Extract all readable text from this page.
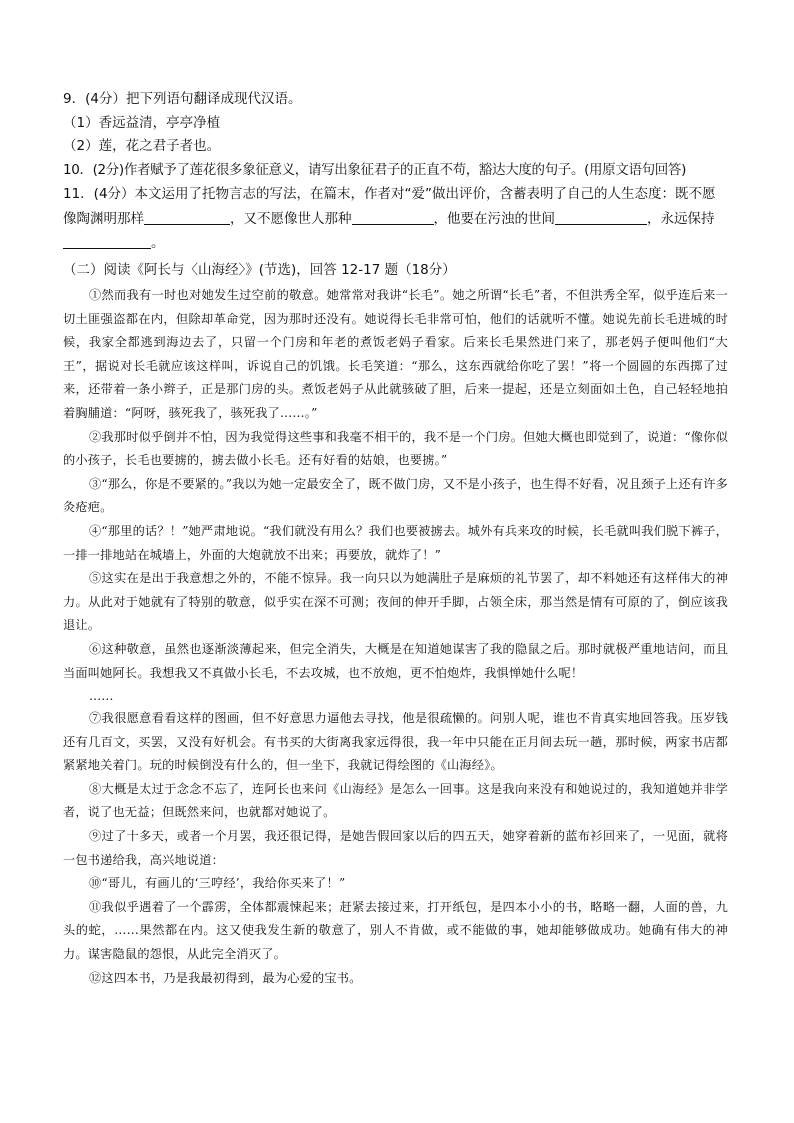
9．(4分）把下列语句翻译成现代汉语。

（1）香远益清，亭亭净植

（2）莲，花之君子者也。

10．(2分)作者赋予了莲花很多象征意义，请写出象征君子的正直不苟，豁达大度的句子。(用原文语句回答)

11．(4分）本文运用了托物言志的写法，在篇末，作者对“爱”做出评价，含蓄表明了自己的人生态度：既不愿像陶渊明那样	，又不愿像世人那种	，他要在污浊的世间	，永远保持。

（二）阅读《阿长与〈山海经〉》(节选)，回答 12-17 题（18分）

①然而我有一时也对她发生过空前的敬意。她常常对我讲“长毛”。她之所谓“长毛”者，不但洪秀全军，似乎连后来一切土匪强盗都在内，但除却革命党，因为那时还没有。她说得长毛非常可怕，他们的话就听不懂。她说先前长毛进城的时候，我家全都逃到海边去了，只留一个门房和年老的煮饭老妈子看家。后来长毛果然进门来了，那老妈子便叫他们“大王”，据说对长毛就应该这样叫，诉说自己的饥饿。长毛笑道：“那么，这东西就给你吃了罢！”将一个圆圆的东西掷了过来，还带着一条小辫子，正是那门房的头。煮饭老妈子从此就骇破了胆，后来一提起，还是立刻面如土色，自己轻轻地拍着胸脯道：“阿呀，骇死我了，骇死我了……。”

②我那时似乎倒并不怕，因为我觉得这些事和我毫不相干的，我不是一个门房。但她大概也即觉到了，说道：“像你似的小孩子，长毛也要掳的，掳去做小长毛。还有好看的姑娘，也要掳。”

③“那么，你是不要紧的。”我以为她一定最安全了，既不做门房，又不是小孩子，也生得不好看，况且颈子上还有许多灸疮疤。

④“那里的话？！”她严肃地说。“我们就没有用么？我们也要被掳去。城外有兵来攻的时候，长毛就叫我们脱下裤子，一排一排地站在城墙上，外面的大炮就放不出来；再要放，就炸了！”

⑤这实在是出于我意想之外的，不能不惊异。我一向只以为她满肚子是麻烦的礼节罢了，却不料她还有这样伟大的神力。从此对于她就有了特别的敬意，似乎实在深不可测；夜间的伸开手脚，占领全床，那当然是情有可原的了，倒应该我退让。

⑥这种敬意，虽然也逐渐淡薄起来，但完全消失，大概是在知道她谋害了我的隐鼠之后。那时就极严重地诘问，而且当面叫她阿长。我想我又不真做小长毛，不去攻城，也不放炮，更不怕炮炸，我惧惮她什么呢！

……

⑦我很愿意看看这样的图画，但不好意思力逼他去寻找，他是很疏懒的。问别人呢，谁也不肯真实地回答我。压岁钱还有几百文，买罢，又没有好机会。有书买的大街离我家远得很，我一年中只能在正月间去玩一趟，那时候，两家书店都紧紧地关着门。玩的时候倒没有什么的，但一坐下，我就记得绘图的《山海经》。

⑧大概是太过于念念不忘了，连阿长也来问《山海经》是怎么一回事。这是我向来没有和她说过的，我知道她并非学者，说了也无益；但既然来问，也就都对她说了。

⑨过了十多天，或者一个月罢，我还很记得，是她告假回家以后的四五天，她穿着新的蓝布衫回来了，一见面，就将一包书递给我，高兴地说道：

⑩“哥儿，有画儿的‘三哼经’，我给你买来了！”

⑪我似乎遇着了一个霹雳，全体都震悚起来；赶紧去接过来，打开纸包，是四本小小的书，略略一翻，人面的兽，九头的蛇，……果然都在内。这又使我发生新的敬意了，别人不肯做，或不能做的事，她却能够做成功。她确有伟大的神力。谋害隐鼠的怨恨，从此完全消灭了。

⑫这四本书，乃是我最初得到，最为心爱的宝书。
